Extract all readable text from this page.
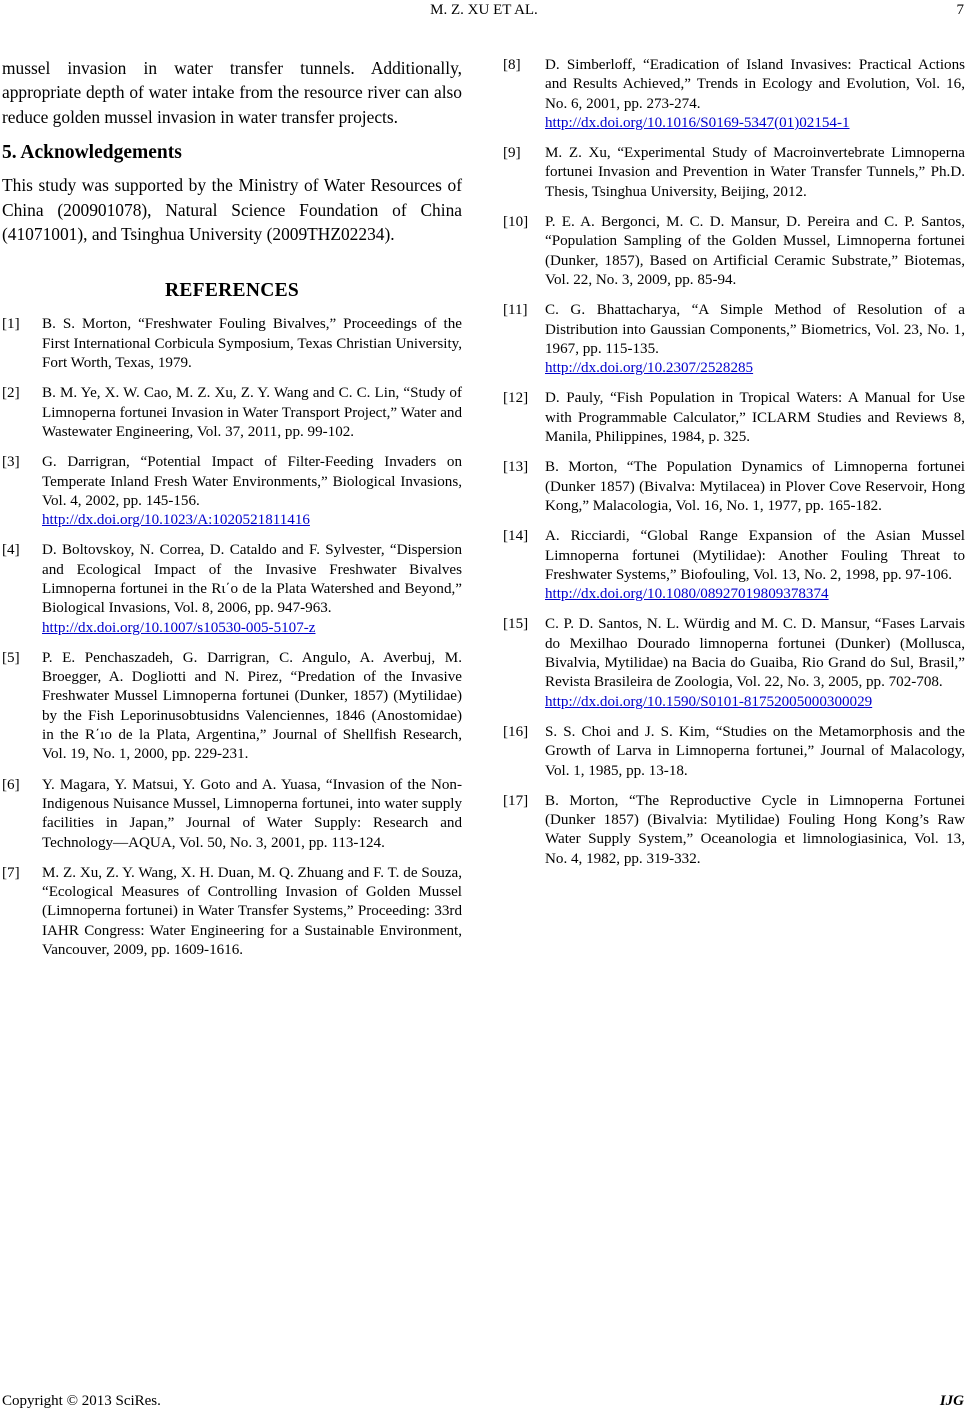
M. Z. XU ET AL.	7

mussel invasion in water transfer tunnels. Additionally, appropriate depth of water intake from the resource river can also reduce golden mussel invasion in water transfer projects.

5. Acknowledgements

This study was supported by the Ministry of Water Resources of China (200901078), Natural Science Foundation of China (41071001), and Tsinghua University (2009THZ02234).

REFERENCES
[1] B. S. Morton, “Freshwater Fouling Bivalves,” Proceedings of the First International Corbicula Symposium, Texas Christian University, Fort Worth, Texas, 1979.
[2] B. M. Ye, X. W. Cao, M. Z. Xu, Z. Y. Wang and C. C. Lin, “Study of Limnoperna fortunei Invasion in Water Transport Project,” Water and Wastewater Engineering, Vol. 37, 2011, pp. 99-102.
[3] G. Darrigran, “Potential Impact of Filter-Feeding Invaders on Temperate Inland Fresh Water Environments,” Biological Invasions, Vol. 4, 2002, pp. 145-156.
http://dx.doi.org/10.1023/A:1020521811416
[4] D. Boltovskoy, N. Correa, D. Cataldo and F. Sylvester, “Dispersion and Ecological Impact of the Invasive Freshwater Bivalves Limnoperna fortunei in the Rι΄o de la Plata Watershed and Beyond,” Biological Invasions, Vol. 8, 2006, pp. 947-963.
http://dx.doi.org/10.1007/s10530-005-5107-z
[5] P. E. Penchaszadeh, G. Darrigran, C. Angulo, A. Averbuj, M. Broegger, A. Dogliotti and N. Pirez, “Predation of the Invasive Freshwater Mussel Limnoperna fortunei (Dunker, 1857) (Mytilidae) by the Fish Leporinusobtusidns Valenciennes, 1846 (Anostomidae) in the R΄ıo de la Plata, Argentina,” Journal of Shellfish Research, Vol. 19, No. 1, 2000, pp. 229-231.
[6] Y. Magara, Y. Matsui, Y. Goto and A. Yuasa, “Invasion of the Non-Indigenous Nuisance Mussel, Limnoperna fortunei, into water supply facilities in Japan,” Journal of Water Supply: Research and Technology—AQUA, Vol. 50, No. 3, 2001, pp. 113-124.
[7] M. Z. Xu, Z. Y. Wang, X. H. Duan, M. Q. Zhuang and F. T. de Souza, “Ecological Measures of Controlling Invasion of Golden Mussel (Limnoperna fortunei) in Water Transfer Systems,” Proceeding: 33rd IAHR Congress: Water Engineering for a Sustainable Environment, Vancouver, 2009, pp. 1609-1616.
[8] D. Simberloff, “Eradication of Island Invasives: Practical Actions and Results Achieved,” Trends in Ecology and Evolution, Vol. 16, No. 6, 2001, pp. 273-274.
http://dx.doi.org/10.1016/S0169-5347(01)02154-1
[9] M. Z. Xu, “Experimental Study of Macroinvertebrate Limnoperna fortunei Invasion and Prevention in Water Transfer Tunnels,” Ph.D. Thesis, Tsinghua University, Beijing, 2012.
[10] P. E. A. Bergonci, M. C. D. Mansur, D. Pereira and C. P. Santos, “Population Sampling of the Golden Mussel, Limnoperna fortunei (Dunker, 1857), Based on Artificial Ceramic Substrate,” Biotemas, Vol. 22, No. 3, 2009, pp. 85-94.
[11] C. G. Bhattacharya, “A Simple Method of Resolution of a Distribution into Gaussian Components,” Biometrics, Vol. 23, No. 1, 1967, pp. 115-135.
http://dx.doi.org/10.2307/2528285
[12] D. Pauly, “Fish Population in Tropical Waters: A Manual for Use with Programmable Calculator,” ICLARM Studies and Reviews 8, Manila, Philippines, 1984, p. 325.
[13] B. Morton, “The Population Dynamics of Limnoperna fortunei (Dunker 1857) (Bivalva: Mytilacea) in Plover Cove Reservoir, Hong Kong,” Malacologia, Vol. 16, No. 1, 1977, pp. 165-182.
[14] A. Ricciardi, “Global Range Expansion of the Asian Mussel Limnoperna fortunei (Mytilidae): Another Fouling Threat to Freshwater Systems,” Biofouling, Vol. 13, No. 2, 1998, pp. 97-106.
http://dx.doi.org/10.1080/08927019809378374
[15] C. P. D. Santos, N. L. Würdig and M. C. D. Mansur, “Fases Larvais do Mexilhao Dourado limnoperna fortunei (Dunker) (Mollusca, Bivalvia, Mytilidae) na Bacia do Guaiba, Rio Grand do Sul, Brasil,” Revista Brasileira de Zoologia, Vol. 22, No. 3, 2005, pp. 702-708.
http://dx.doi.org/10.1590/S0101-81752005000300029
[16] S. S. Choi and J. S. Kim, “Studies on the Metamorphosis and the Growth of Larva in Limnoperna fortunei,” Journal of Malacology, Vol. 1, 1985, pp. 13-18.
[17] B. Morton, “The Reproductive Cycle in Limnoperna Fortunei (Dunker 1857) (Bivalvia: Mytilidae) Fouling Hong Kong’s Raw Water Supply System,” Oceanologia et limnologiasinica, Vol. 13, No. 4, 1982, pp. 319-332.
Copyright © 2013 SciRes.	IJG
